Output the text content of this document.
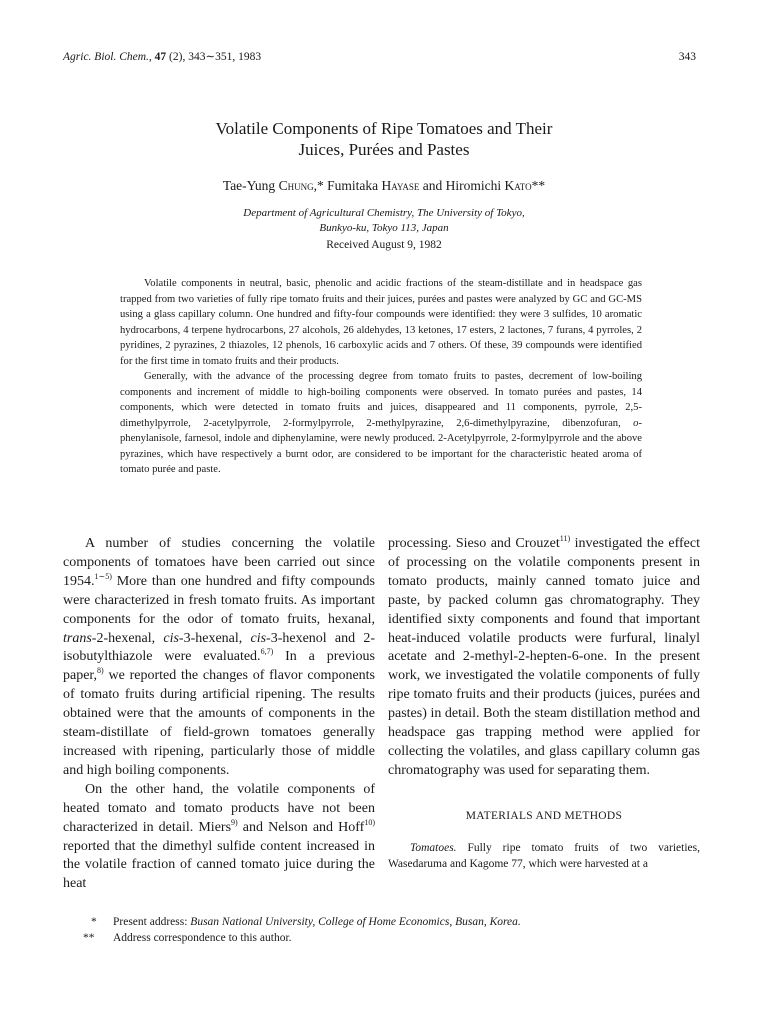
Agric. Biol. Chem., 47 (2), 343∼351, 1983	343
Volatile Components of Ripe Tomatoes and Their
Juices, Purées and Pastes
Tae-Yung Chung,* Fumitaka Hayase and Hiromichi Kato**
Department of Agricultural Chemistry, The University of Tokyo,
Bunkyo-ku, Tokyo 113, Japan
Received August 9, 1982

Volatile components in neutral, basic, phenolic and acidic fractions of the steam-distillate and in headspace gas trapped from two varieties of fully ripe tomato fruits and their juices, purées and pastes were analyzed by GC and GC-MS using a glass capillary column. One hundred and fifty-four compounds were identified: they were 3 sulfides, 10 aromatic hydrocarbons, 4 terpene hydrocarbons, 27 alcohols, 26 aldehydes, 13 ketones, 17 esters, 2 lactones, 7 furans, 4 pyrroles, 2 pyridines, 2 pyrazines, 2 thiazoles, 12 phenols, 16 carboxylic acids and 7 others. Of these, 39 compounds were identified for the first time in tomato fruits and their products.

Generally, with the advance of the processing degree from tomato fruits to pastes, decrement of low-boiling components and increment of middle to high-boiling components were observed. In tomato purées and pastes, 14 components, which were detected in tomato fruits and juices, disappeared and 11 components, pyrrole, 2,5-dimethylpyrrole, 2-acetylpyrrole, 2-formylpyrrole, 2-methylpyrazine, 2,6-dimethylpyrazine, dibenzofuran, o-phenylanisole, farnesol, indole and diphenylamine, were newly produced. 2-Acetylpyrrole, 2-formylpyrrole and the above pyrazines, which have respectively a burnt odor, are considered to be important for the characteristic heated aroma of tomato purée and paste.

A number of studies concerning the volatile components of tomatoes have been carried out since 1954.$^{1\sim 5)}$ More than one hundred and fifty compounds were characterized in fresh tomato fruits. As important components for the odor of tomato fruits, hexanal, trans-2-hexenal, cis-3-hexenal, cis-3-hexenol and 2-isobutylthiazole were evaluated.$^{6,7)}$ In a previous paper,$^{8)}$ we reported the changes of flavor components of tomato fruits during artificial ripening. The results obtained were that the amounts of components in the steam-distillate of field-grown tomatoes generally increased with ripening, particularly those of middle and high boiling components.

On the other hand, the volatile components of heated tomato and tomato products have not been characterized in detail. Miers$^{9)}$ and Nelson and Hoff$^{10)}$ reported that the dimethyl sulfide content increased in the volatile fraction of canned tomato juice during the heat

processing. Sieso and Crouzet$^{11)}$ investigated the effect of processing on the volatile components present in tomato products, mainly canned tomato juice and paste, by packed column gas chromatography. They identified sixty components and found that important heat-induced volatile products were furfural, linalyl acetate and 2-methyl-2-hepten-6-one. In the present work, we investigated the volatile components of fully ripe tomato fruits and their products (juices, purées and pastes) in detail. Both the steam distillation method and headspace gas trapping method were applied for collecting the volatiles, and glass capillary column gas chromatography was used for separating them.

MATERIALS AND METHODS

Tomatoes. Fully ripe tomato fruits of two varieties, Wasedaruma and Kagome 77, which were harvested at a

*	Present address: Busan National University, College of Home Economics, Busan, Korea.
**	Address correspondence to this author.
